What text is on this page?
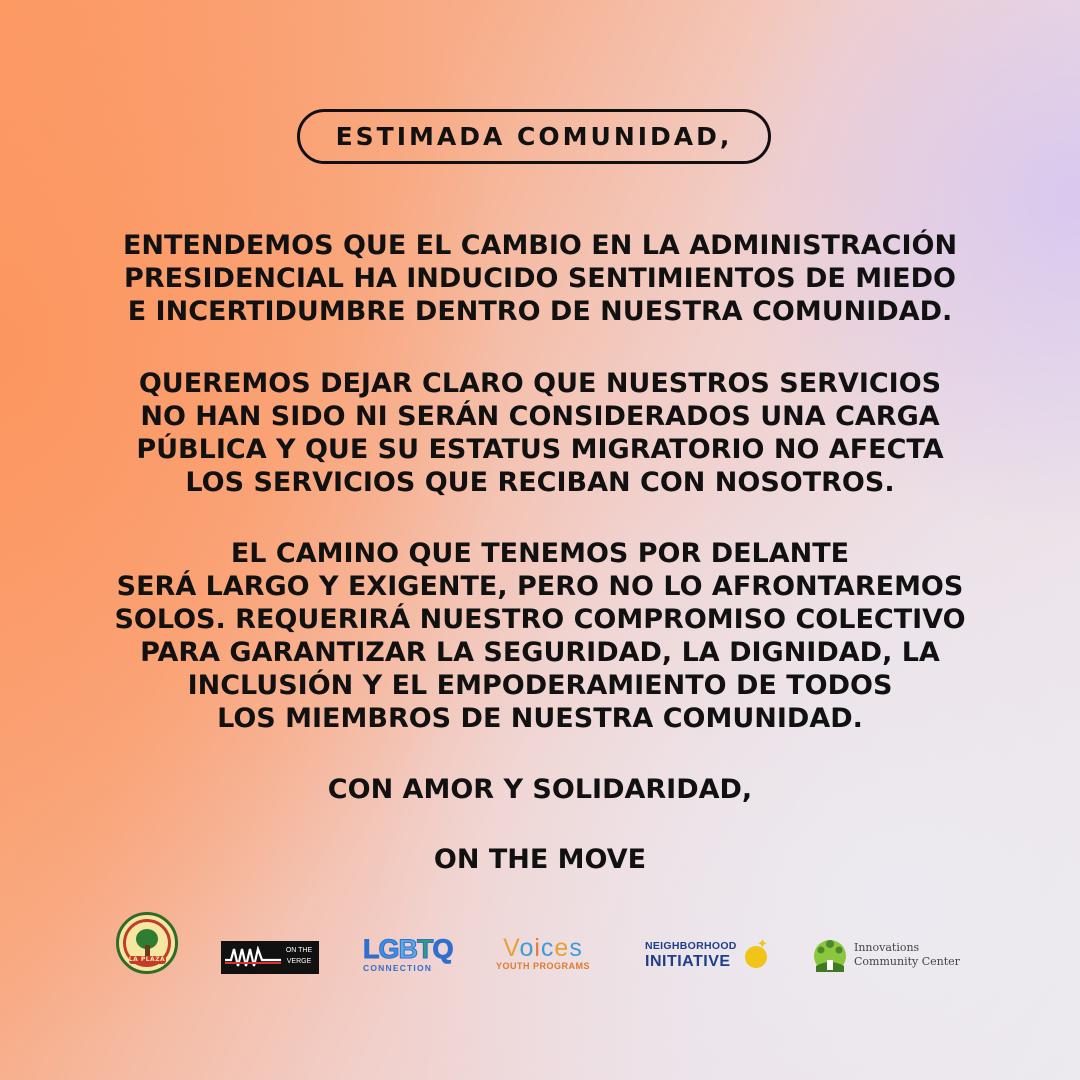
ESTIMADA COMUNIDAD,
ENTENDEMOS QUE EL CAMBIO EN LA ADMINISTRACIÓN
PRESIDENCIAL HA INDUCIDO SENTIMIENTOS DE MIEDO
E INCERTIDUMBRE DENTRO DE NUESTRA COMUNIDAD.
QUEREMOS DEJAR CLARO QUE NUESTROS SERVICIOS
NO HAN SIDO NI SERÁN CONSIDERADOS UNA CARGA
PÚBLICA Y QUE SU ESTATUS MIGRATORIO NO AFECTA
LOS SERVICIOS QUE RECIBAN CON NOSOTROS.
EL CAMINO QUE TENEMOS POR DELANTE
SERÁ LARGO Y EXIGENTE, PERO NO LO AFRONTAREMOS
SOLOS. REQUERIRÁ NUESTRO COMPROMISO COLECTIVO
PARA GARANTIZAR LA SEGURIDAD, LA DIGNIDAD, LA
INCLUSIÓN Y EL EMPODERAMIENTO DE TODOS
LOS MIEMBROS DE NUESTRA COMUNIDAD.
CON AMOR Y SOLIDARIDAD,
ON THE MOVE
LA PLAZA
ON THE
VERGE LGBTQ
CONNECTION
Voices
YOUTH PROGRAMS
NEIGHBORHOOD
INITIATIVE
✦	Innovations
Community Center
